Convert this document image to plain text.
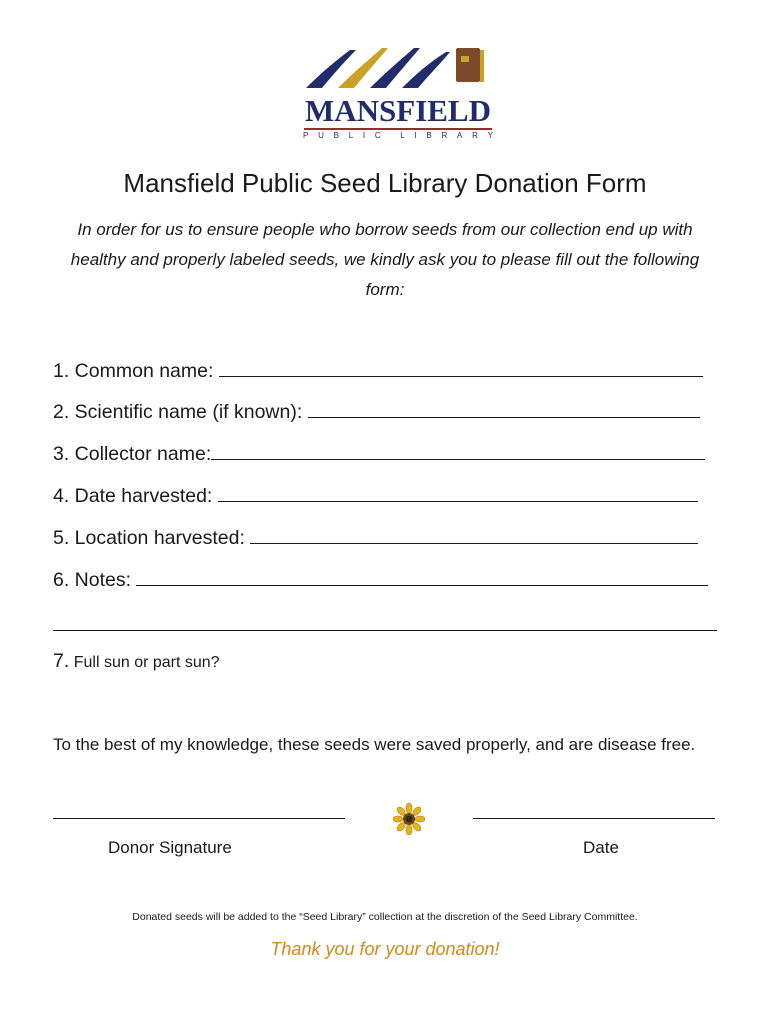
MANSFIELD
P U B L I C L I B R A R Y
Mansfield Public Seed Library Donation Form
In order for us to ensure people who borrow seeds from our collection end up with healthy and properly labeled seeds, we kindly ask you to please fill out the following form:
1. Common name:
2. Scientific name (if known):
3. Collector name:
4. Date harvested:
5. Location harvested:
6. Notes:
7. Full sun or part sun?
To the best of my knowledge, these seeds were saved properly, and are disease free.
Donor Signature	Date
Donated seeds will be added to the “Seed Library” collection at the discretion of the Seed Library Committee.
Thank you for your donation!
